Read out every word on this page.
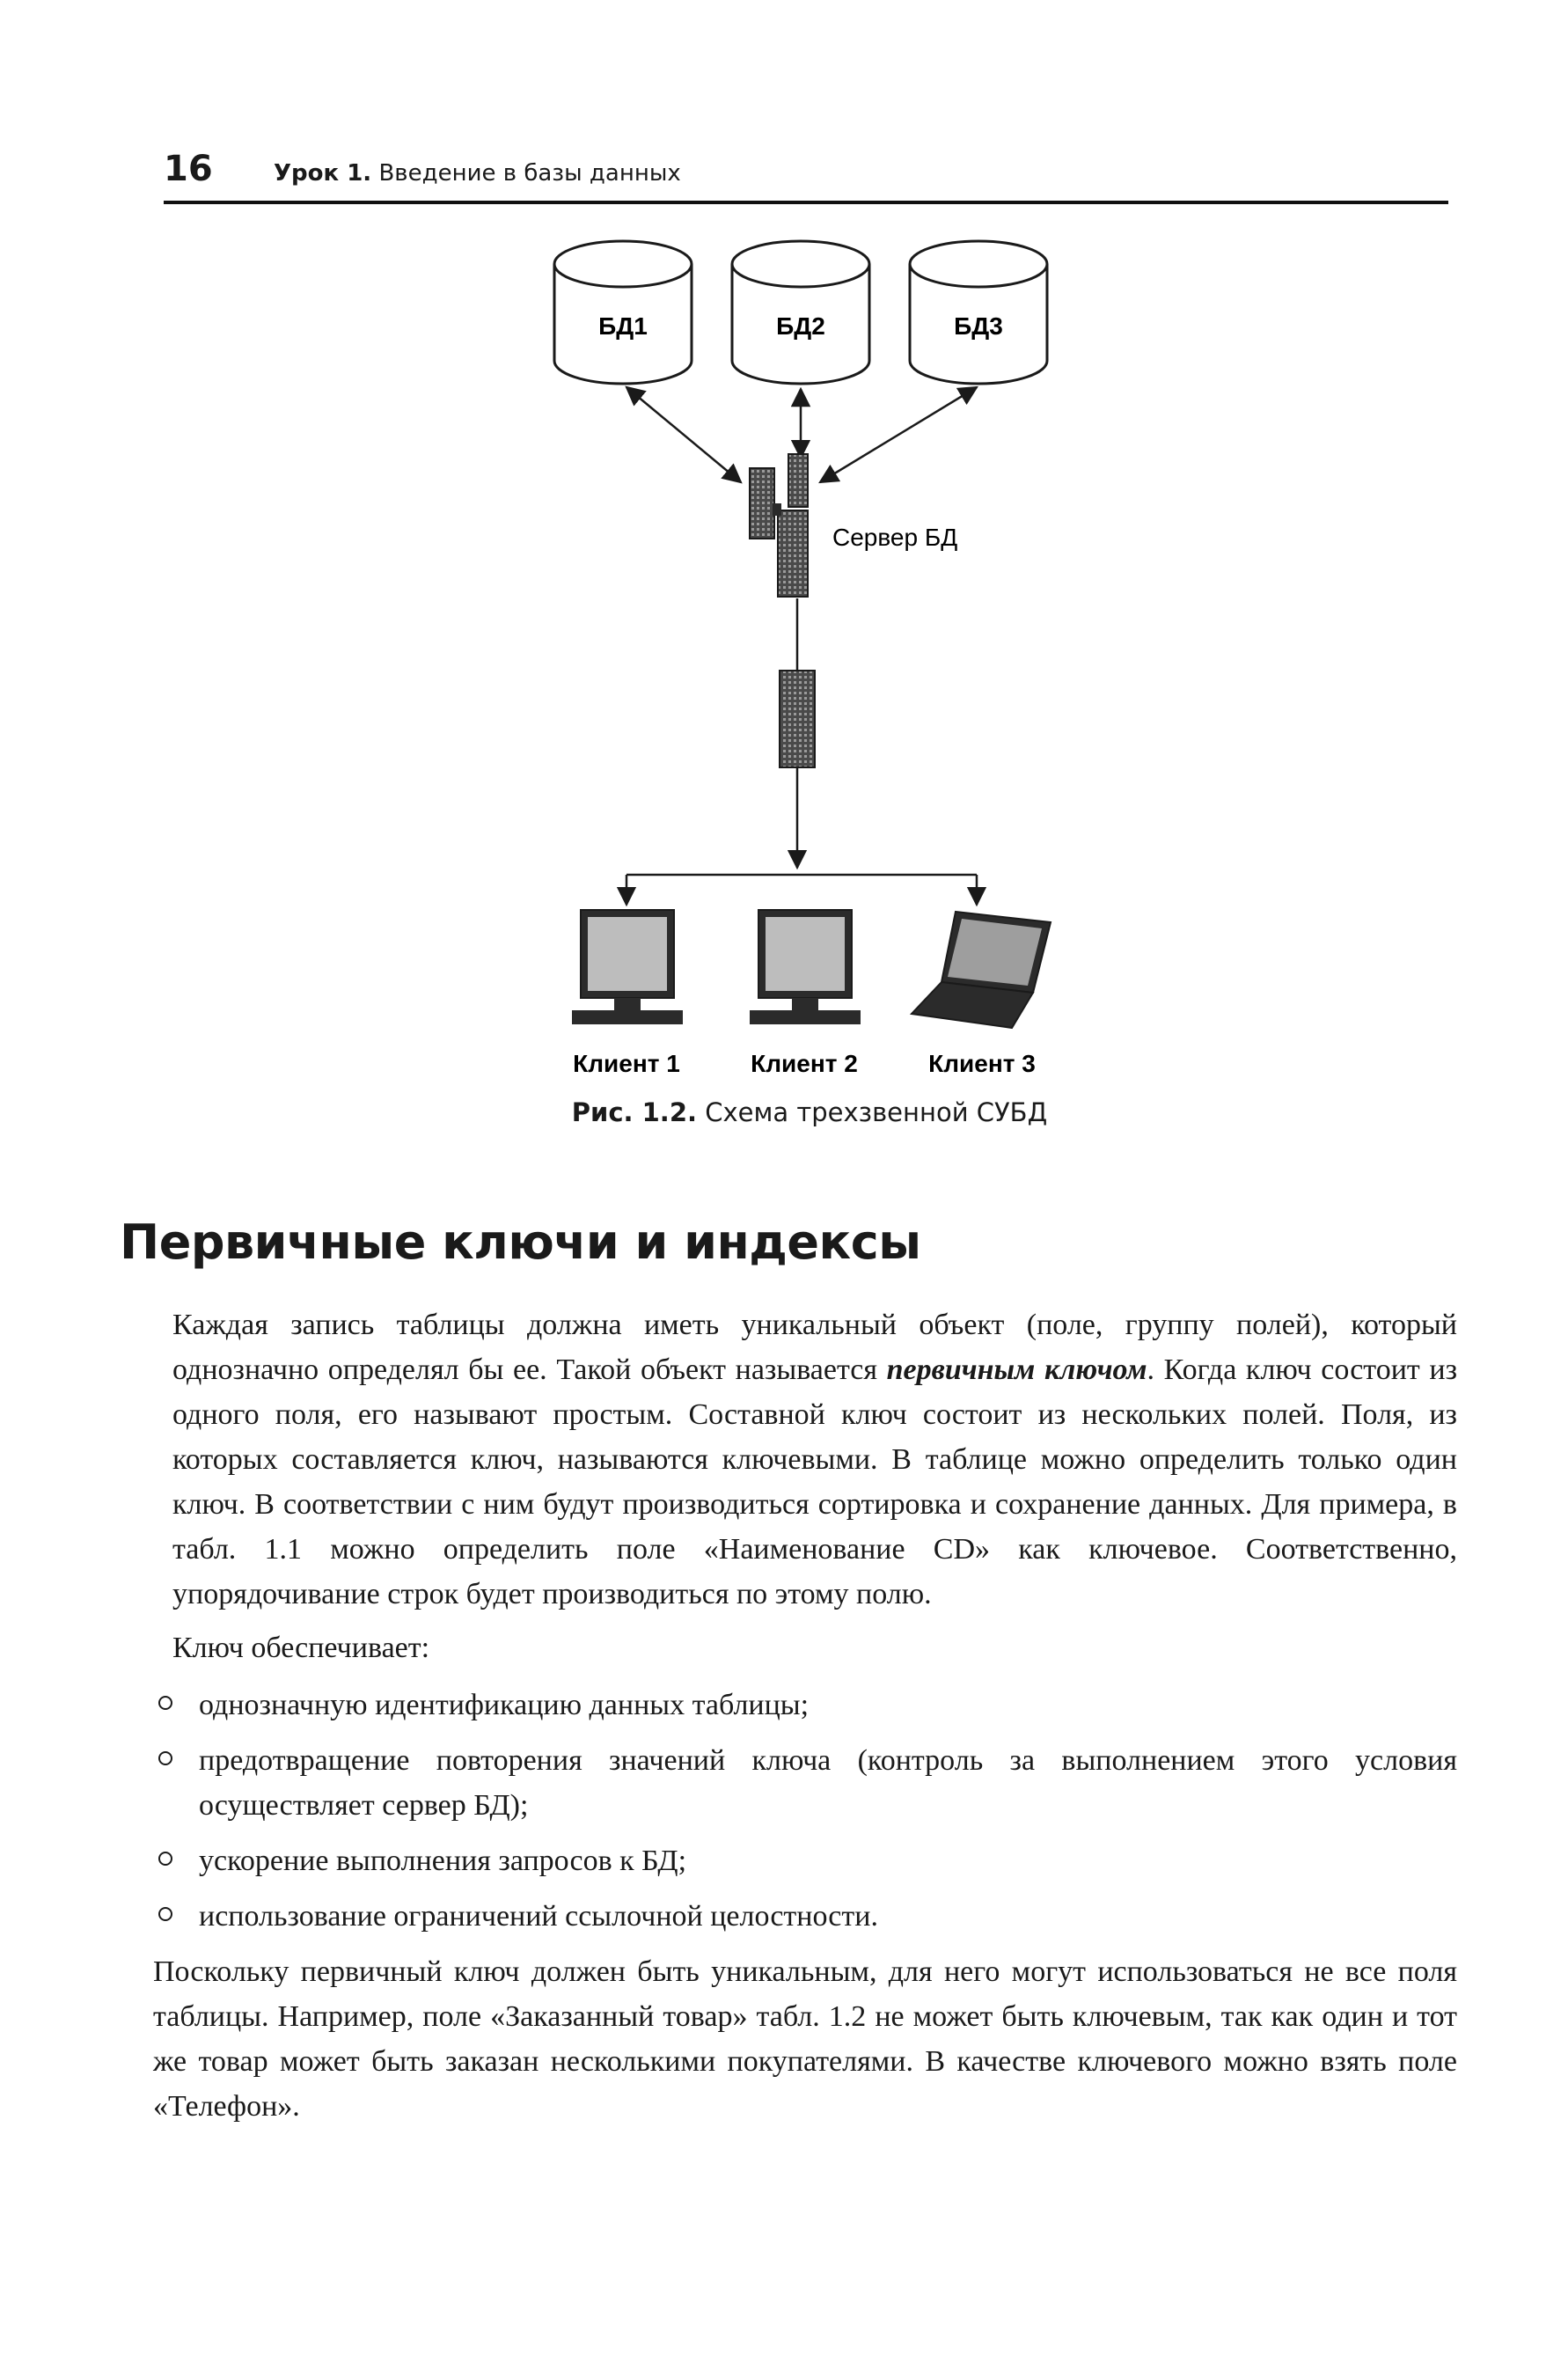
16	Урок 1. Введение в базы данных
БД1	БД2	БД3
Сервер БД
Клиент 1	Клиент 2	Клиент 3
Рис. 1.2. Схема трехзвенной СУБД
Первичные ключи и индексы

Каждая запись таблицы должна иметь уникальный объект (поле, группу полей), который однозначно определял бы ее. Такой объект называется первичным ключом. Когда ключ состоит из одного поля, его называют простым. Составной ключ состоит из нескольких полей. Поля, из которых составляется ключ, называются ключевыми. В таблице можно определить только один ключ. В соответствии с ним будут производиться сортировка и сохранение данных. Для примера, в табл. 1.1 можно определить поле «Наименование CD» как ключевое. Соответственно, упорядочивание строк будет производиться по этому полю.

Ключ обеспечивает:

однозначную идентификацию данных таблицы;
предотвращение повторения значений ключа (контроль за выполнением этого условия осуществляет сервер БД);
ускорение выполнения запросов к БД;
использование ограничений ссылочной целостности.

Поскольку первичный ключ должен быть уникальным, для него могут использоваться не все поля таблицы. Например, поле «Заказанный товар» табл. 1.2 не может быть ключевым, так как один и тот же товар может быть заказан несколькими покупателями. В качестве ключевого можно взять поле «Телефон».
